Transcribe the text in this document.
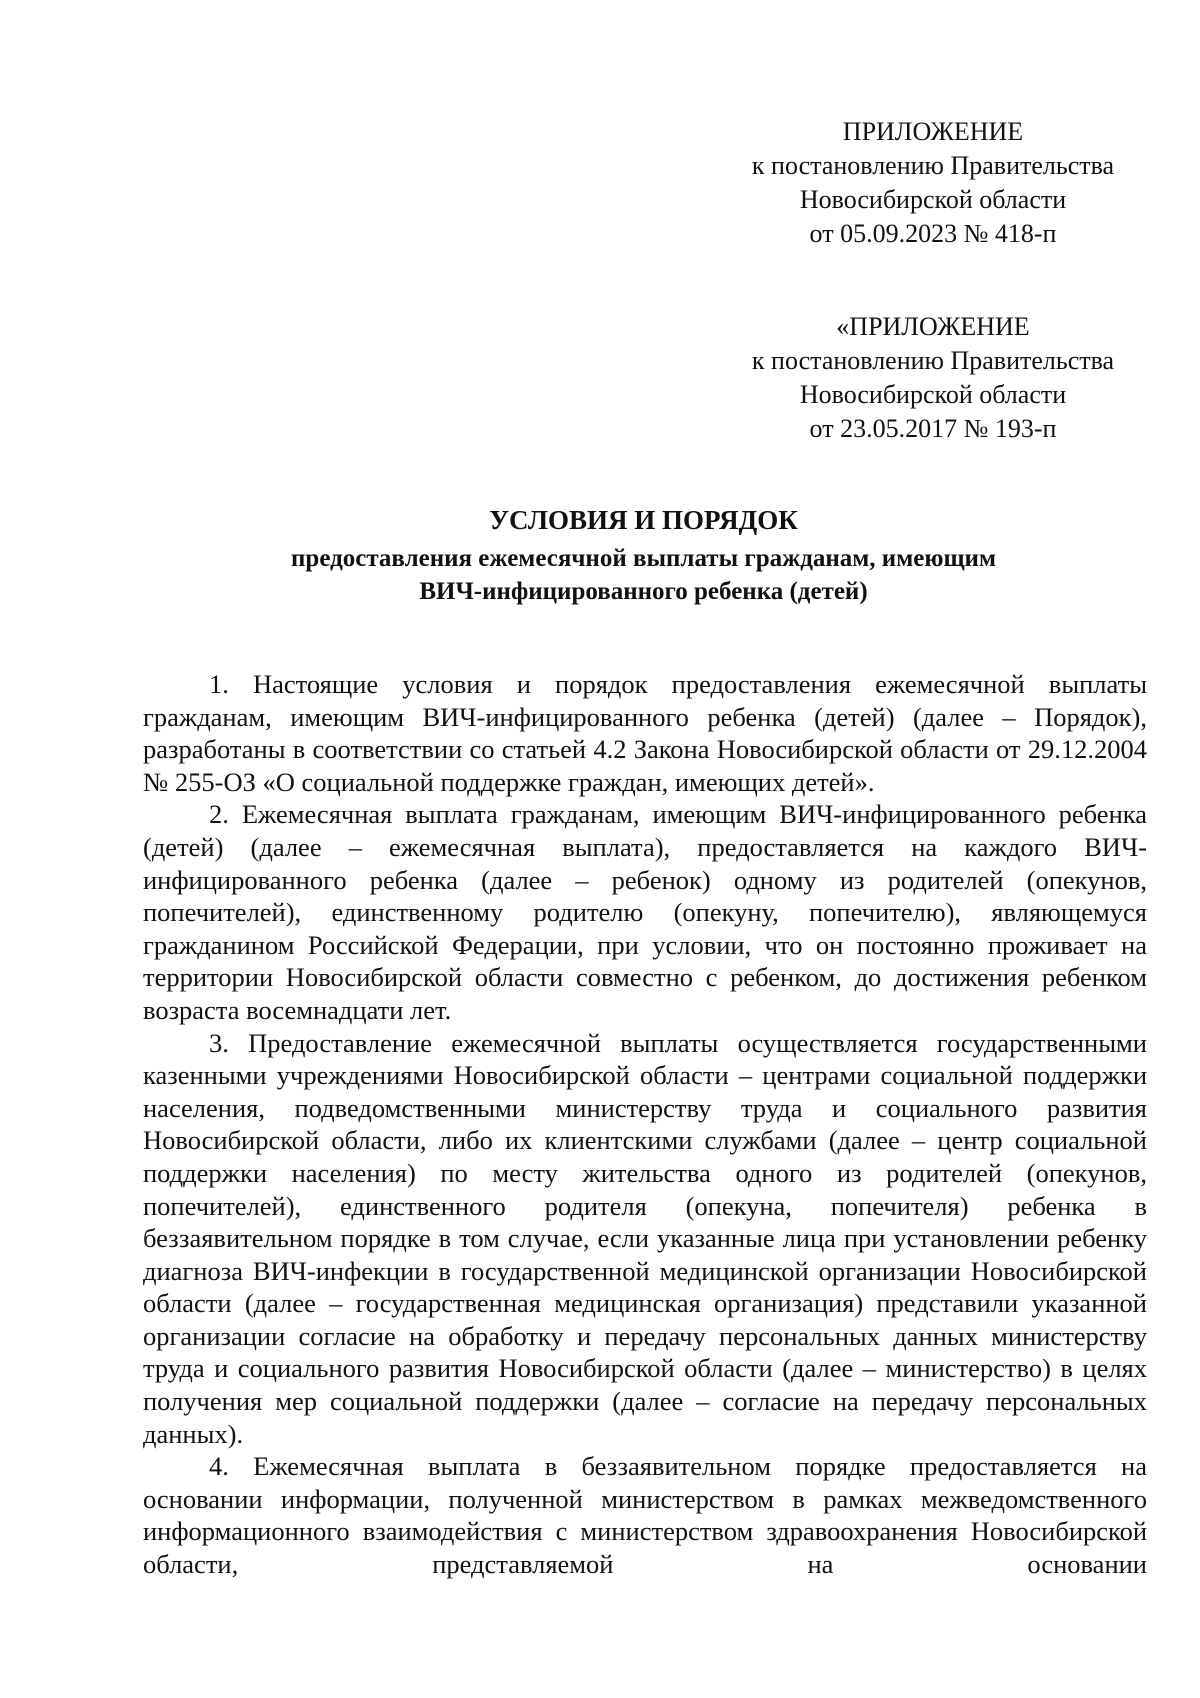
ПРИЛОЖЕНИЕ
к постановлению Правительства
Новосибирской области
от 05.09.2023 № 418-п
«ПРИЛОЖЕНИЕ
к постановлению Правительства
Новосибирской области
от 23.05.2017 № 193-п
УСЛОВИЯ И ПОРЯДОК
предоставления ежемесячной выплаты гражданам, имеющим
ВИЧ-инфицированного ребенка (детей)

1. Настоящие условия и порядок предоставления ежемесячной выплаты гражданам, имеющим ВИЧ-инфицированного ребенка (детей) (далее – Порядок), разработаны в соответствии со статьей 4.2 Закона Новосибирской области от 29.12.2004 № 255-ОЗ «О социальной поддержке граждан, имеющих детей».

2. Ежемесячная выплата гражданам, имеющим ВИЧ-инфицированного ребенка (детей) (далее – ежемесячная выплата), предоставляется на каждого ВИЧ-инфицированного ребенка (далее – ребенок) одному из родителей (опекунов, попечителей), единственному родителю (опекуну, попечителю), являющемуся гражданином Российской Федерации, при условии, что он постоянно проживает на территории Новосибирской области совместно с ребенком, до достижения ребенком возраста восемнадцати лет.

3. Предоставление ежемесячной выплаты осуществляется государственными казенными учреждениями Новосибирской области – центрами социальной поддержки населения, подведомственными министерству труда и социального развития Новосибирской области, либо их клиентскими службами (далее – центр социальной поддержки населения) по месту жительства одного из родителей (опекунов, попечителей), единственного родителя (опекуна, попечителя) ребенка в беззаявительном порядке в том случае, если указанные лица при установлении ребенку диагноза ВИЧ-инфекции в государственной медицинской организации Новосибирской области (далее – государственная медицинская организация) представили указанной организации согласие на обработку и передачу персональных данных министерству труда и социального развития Новосибирской области (далее – министерство) в целях получения мер социальной поддержки (далее – согласие на передачу персональных данных).

4. Ежемесячная выплата в беззаявительном порядке предоставляется на основании информации, полученной министерством в рамках межведомственного информационного взаимодействия с министерством здравоохранения Новосибирской области, представляемой на основании
